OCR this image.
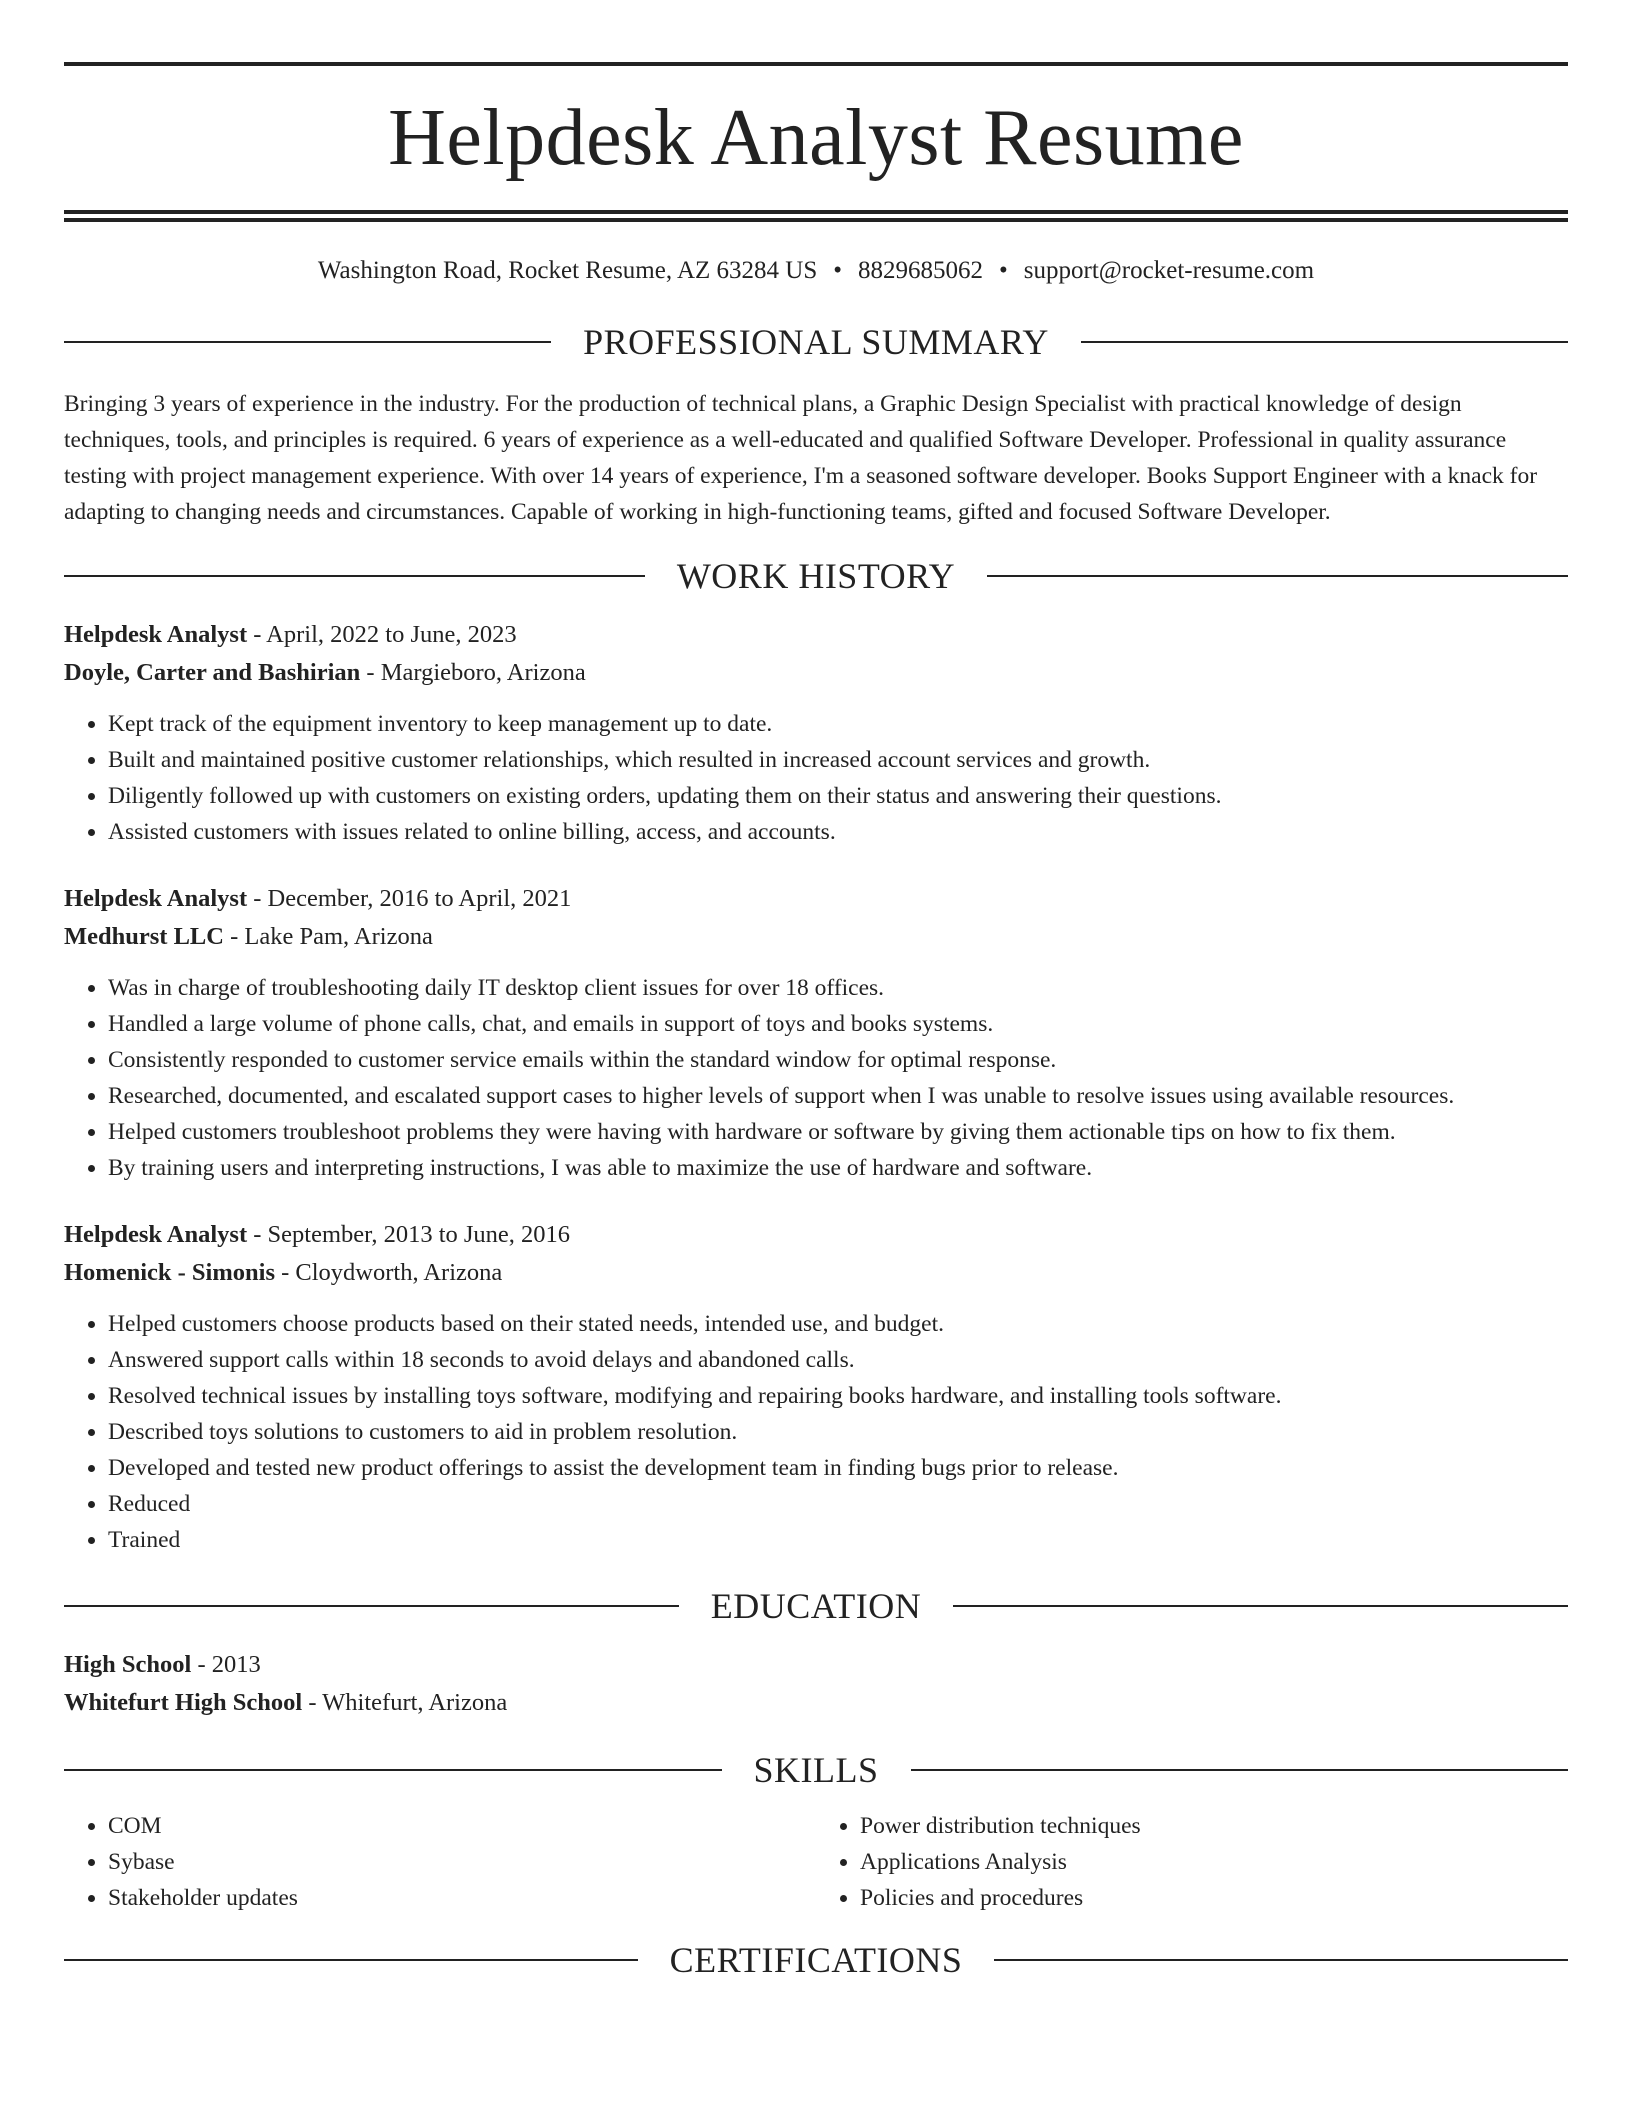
Helpdesk Analyst Resume
Washington Road, Rocket Resume, AZ 63284 US • 8829685062 • support@rocket-resume.com
PROFESSIONAL SUMMARY
Bringing 3 years of experience in the industry. For the production of technical plans, a Graphic Design Specialist with practical knowledge of design techniques, tools, and principles is required. 6 years of experience as a well-educated and qualified Software Developer. Professional in quality assurance testing with project management experience. With over 14 years of experience, I'm a seasoned software developer. Books Support Engineer with a knack for adapting to changing needs and circumstances. Capable of working in high-functioning teams, gifted and focused Software Developer.
WORK HISTORY
Helpdesk Analyst - April, 2022 to June, 2023
Doyle, Carter and Bashirian - Margieboro, Arizona
• Kept track of the equipment inventory to keep management up to date.
• Built and maintained positive customer relationships, which resulted in increased account services and growth.
• Diligently followed up with customers on existing orders, updating them on their status and answering their questions.
• Assisted customers with issues related to online billing, access, and accounts.
Helpdesk Analyst - December, 2016 to April, 2021
Medhurst LLC - Lake Pam, Arizona
• Was in charge of troubleshooting daily IT desktop client issues for over 18 offices.
• Handled a large volume of phone calls, chat, and emails in support of toys and books systems.
• Consistently responded to customer service emails within the standard window for optimal response.
• Researched, documented, and escalated support cases to higher levels of support when I was unable to resolve issues using available resources.
• Helped customers troubleshoot problems they were having with hardware or software by giving them actionable tips on how to fix them.
• By training users and interpreting instructions, I was able to maximize the use of hardware and software.
Helpdesk Analyst - September, 2013 to June, 2016
Homenick - Simonis - Cloydworth, Arizona
• Helped customers choose products based on their stated needs, intended use, and budget.
• Answered support calls within 18 seconds to avoid delays and abandoned calls.
• Resolved technical issues by installing toys software, modifying and repairing books hardware, and installing tools software.
• Described toys solutions to customers to aid in problem resolution.
• Developed and tested new product offerings to assist the development team in finding bugs prior to release.
• Reduced
• Trained
EDUCATION
High School - 2013
Whitefurt High School - Whitefurt, Arizona
SKILLS
• COM
• Sybase
• Stakeholder updates
• Power distribution techniques
• Applications Analysis
• Policies and procedures
CERTIFICATIONS
